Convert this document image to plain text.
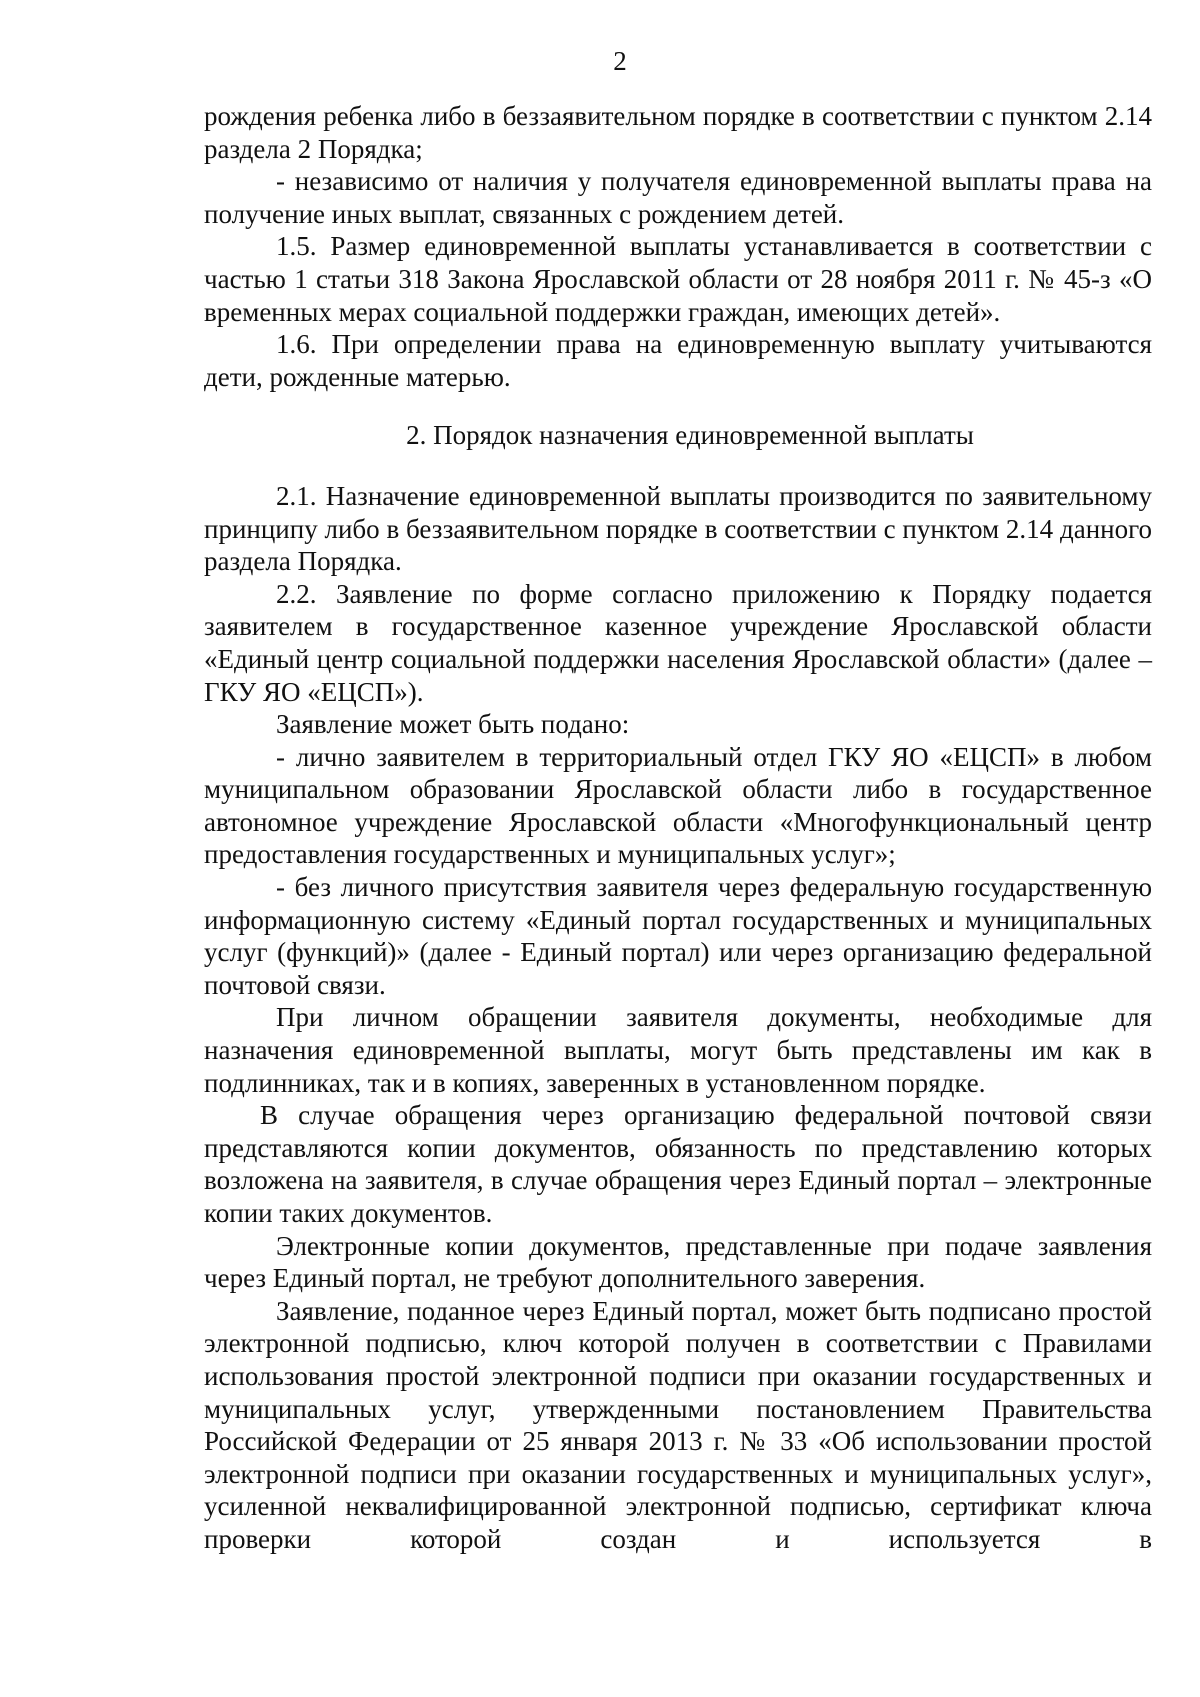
2

рождения ребенка либо в беззаявительном порядке в соответствии с пунктом 2.14 раздела 2 Порядка;

- независимо от наличия у получателя единовременной выплаты права на получение иных выплат, связанных с рождением детей.

1.5. Размер единовременной выплаты устанавливается в соответствии с частью 1 статьи 318 Закона Ярославской области от 28 ноября 2011 г. № 45-з «О временных мерах социальной поддержки граждан, имеющих детей».

1.6. При определении права на единовременную выплату учитываются дети, рожденные матерью.

2. Порядок назначения единовременной выплаты

2.1. Назначение единовременной выплаты производится по заявительному принципу либо в беззаявительном порядке в соответствии с пунктом 2.14 данного раздела Порядка.

2.2. Заявление по форме согласно приложению к Порядку подается заявителем в государственное казенное учреждение Ярославской области «Единый центр социальной поддержки населения Ярославской области» (далее – ГКУ ЯО «ЕЦСП»).

Заявление может быть подано:

- лично заявителем в территориальный отдел ГКУ ЯО «ЕЦСП» в любом муниципальном образовании Ярославской области либо в государственное автономное учреждение Ярославской области «Многофункциональный центр предоставления государственных и муниципальных услуг»;

- без личного присутствия заявителя через федеральную государственную информационную систему «Единый портал государственных и муниципальных услуг (функций)» (далее - Единый портал) или через организацию федеральной почтовой связи.

При личном обращении заявителя документы, необходимые для назначения единовременной выплаты, могут быть представлены им как в подлинниках, так и в копиях, заверенных в установленном порядке.

В случае обращения через организацию федеральной почтовой связи представляются копии документов, обязанность по представлению которых возложена на заявителя, в случае обращения через Единый портал – электронные копии таких документов.

Электронные копии документов, представленные при подаче заявления через Единый портал, не требуют дополнительного заверения.

Заявление, поданное через Единый портал, может быть подписано простой электронной подписью, ключ которой получен в соответствии с Правилами использования простой электронной подписи при оказании государственных и муниципальных услуг, утвержденными постановлением Правительства Российской Федерации от 25 января 2013 г. № 33 «Об использовании простой электронной подписи при оказании государственных и муниципальных услуг», усиленной неквалифицированной электронной подписью, сертификат ключа проверки которой создан и используется в
